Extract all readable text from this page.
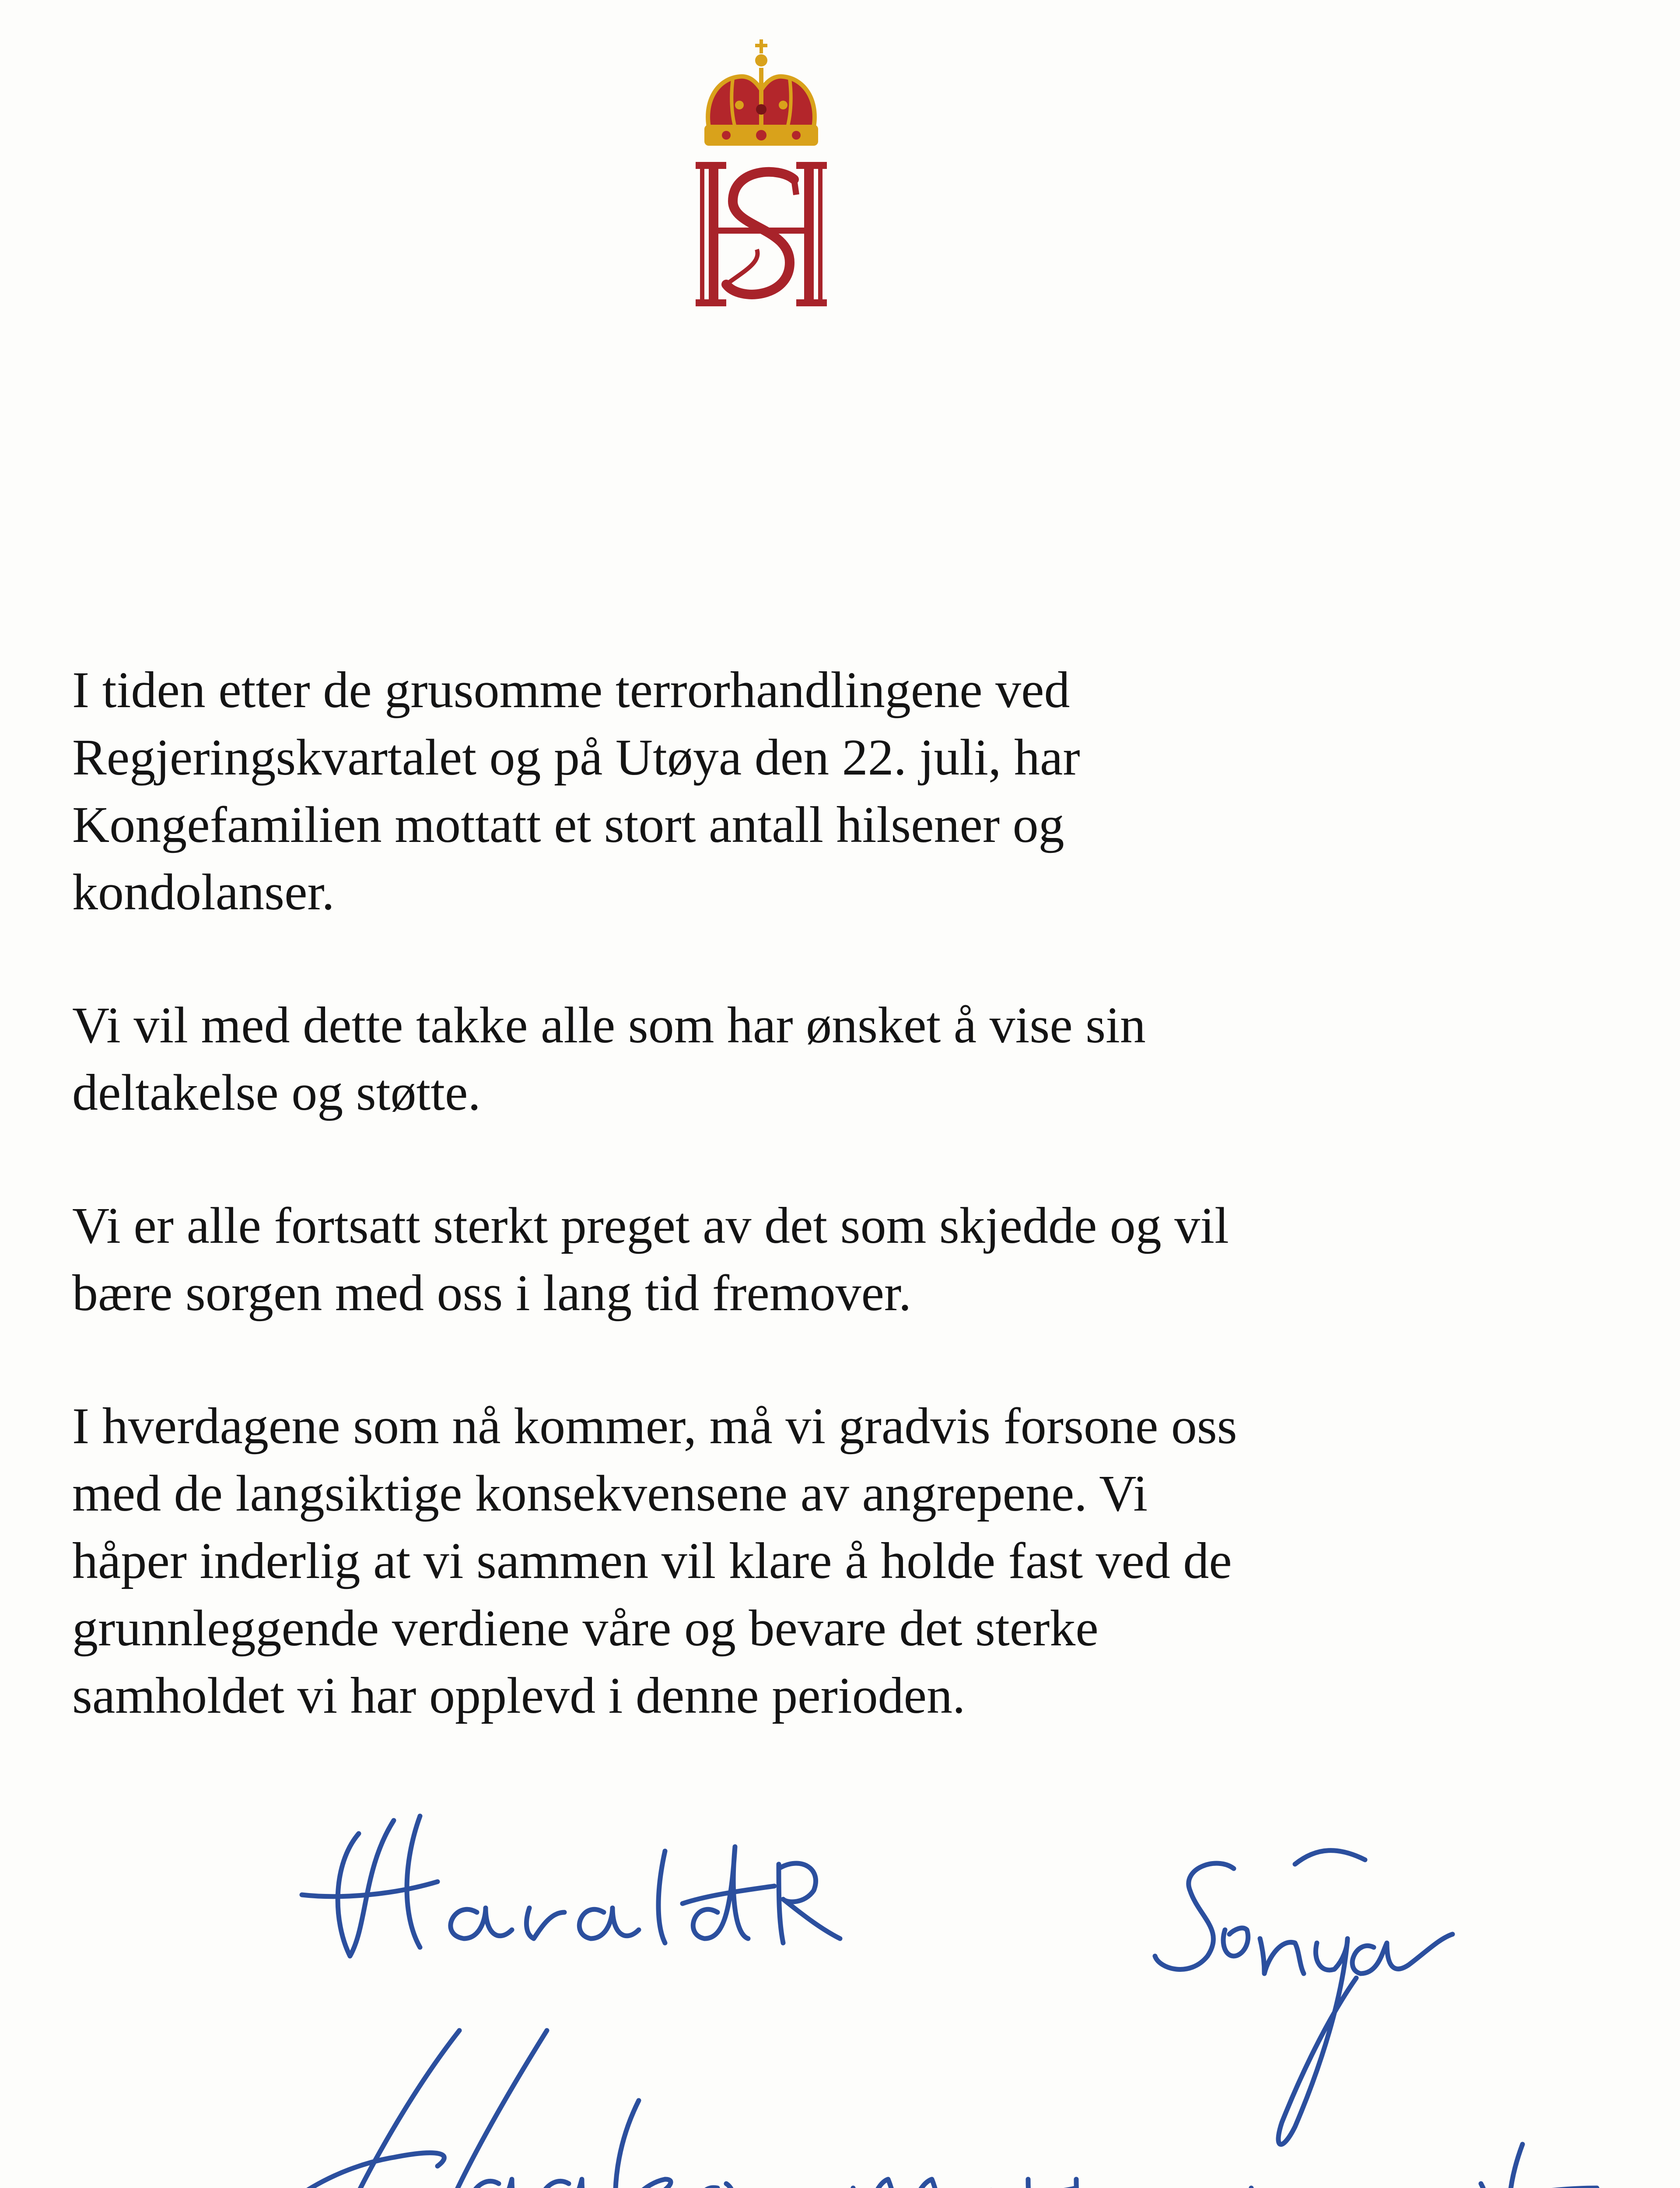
I tiden etter de grusomme terrorhandlingene ved
Regjeringskvartalet og på Utøya den 22. juli, har
Kongefamilien mottatt et stort antall hilsener og
kondolanser.

Vi vil med dette takke alle som har ønsket å vise sin
deltakelse og støtte.

Vi er alle fortsatt sterkt preget av det som skjedde og vil
bære sorgen med oss i lang tid fremover.

I hverdagene som nå kommer, må vi gradvis forsone oss
med de langsiktige konsekvensene av angrepene. Vi
håper inderlig at vi sammen vil klare å holde fast ved de
grunnleggende verdiene våre og bevare det sterke
samholdet vi har opplevd i denne perioden.
